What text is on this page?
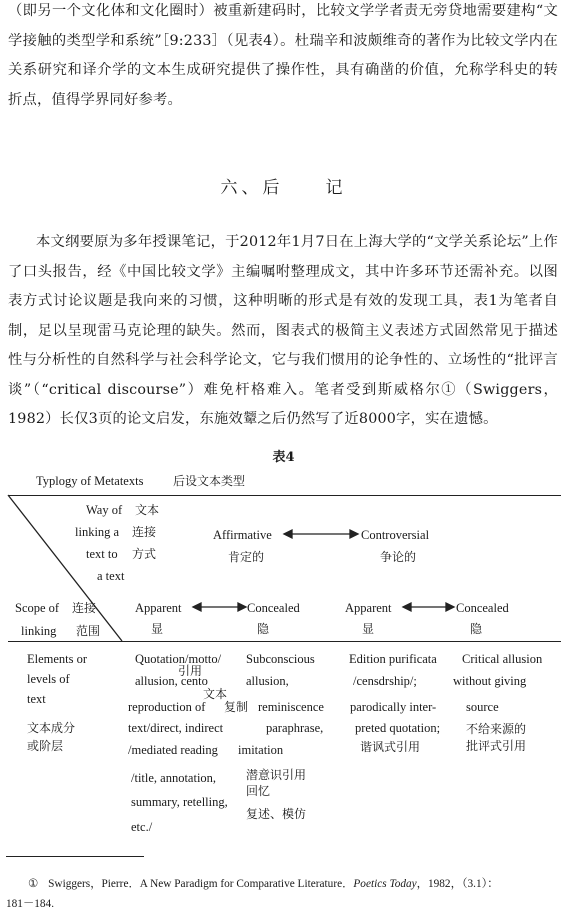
（即另一个文化体和文化圈时）被重新建码时，比较文学学者责无旁贷地需要建构“文学接触的类型学和系统”［9:233］（见表4）。杜瑞辛和波颇维奇的著作为比较文学内在关系研究和译介学的文本生成研究提供了操作性，具有确凿的价值，允称学科史的转折点，值得学界同好参考。
六、后　　记
本文纲要原为多年授课笔记，于2012年1月7日在上海大学的“文学关系论坛”上作了口头报告，经《中国比较文学》主编嘱咐整理成文，其中许多环节还需补充。以图表方式讨论议题是我向来的习惯，这种明晰的形式是有效的发现工具，表1为笔者自制，足以呈现雷马克论理的缺失。然而，图表式的极简主义表述方式固然常见于描述性与分析性的自然科学与社会科学论文，它与我们惯用的论争性的、立场性的“批评言谈”（“critical discourse”）难免杆格难入。笔者受到斯威格尔①（Swiggers，1982）长仅3页的论文启发，东施效颦之后仍然写了近8000字，实在遗憾。
表4
Typlogy of Metatexts 后设文本类型
Way of
linking a
text to
a text
文本
连接
方式
Affirmative
肯定的
Controversial
争论的
Scope of
linking
连接
范围
Apparent
显
Concealed
隐
Apparent
显
Concealed
隐
Elements or
levels of
text
文本成分
或阶层
Quotation/motto/
引用
allusion, cento
文本
reproduction of 复制
text/direct, indirect
/mediated reading
/title, annotation,
summary, retelling,
etc./
Subconscious
allusion,
reminiscence
paraphrase,
imitation
潜意识引用
回忆
复述、模仿
Edition purificata
/censdrship/;
parodically inter-
preted quotation;
谐讽式引用
Critical allusion
without giving
source
不给来源的
批评式引用
① Swiggers，Pierre．A New Paradigm for Comparative Literature．Poetics Today，1982，（3.1）：
181－184.
